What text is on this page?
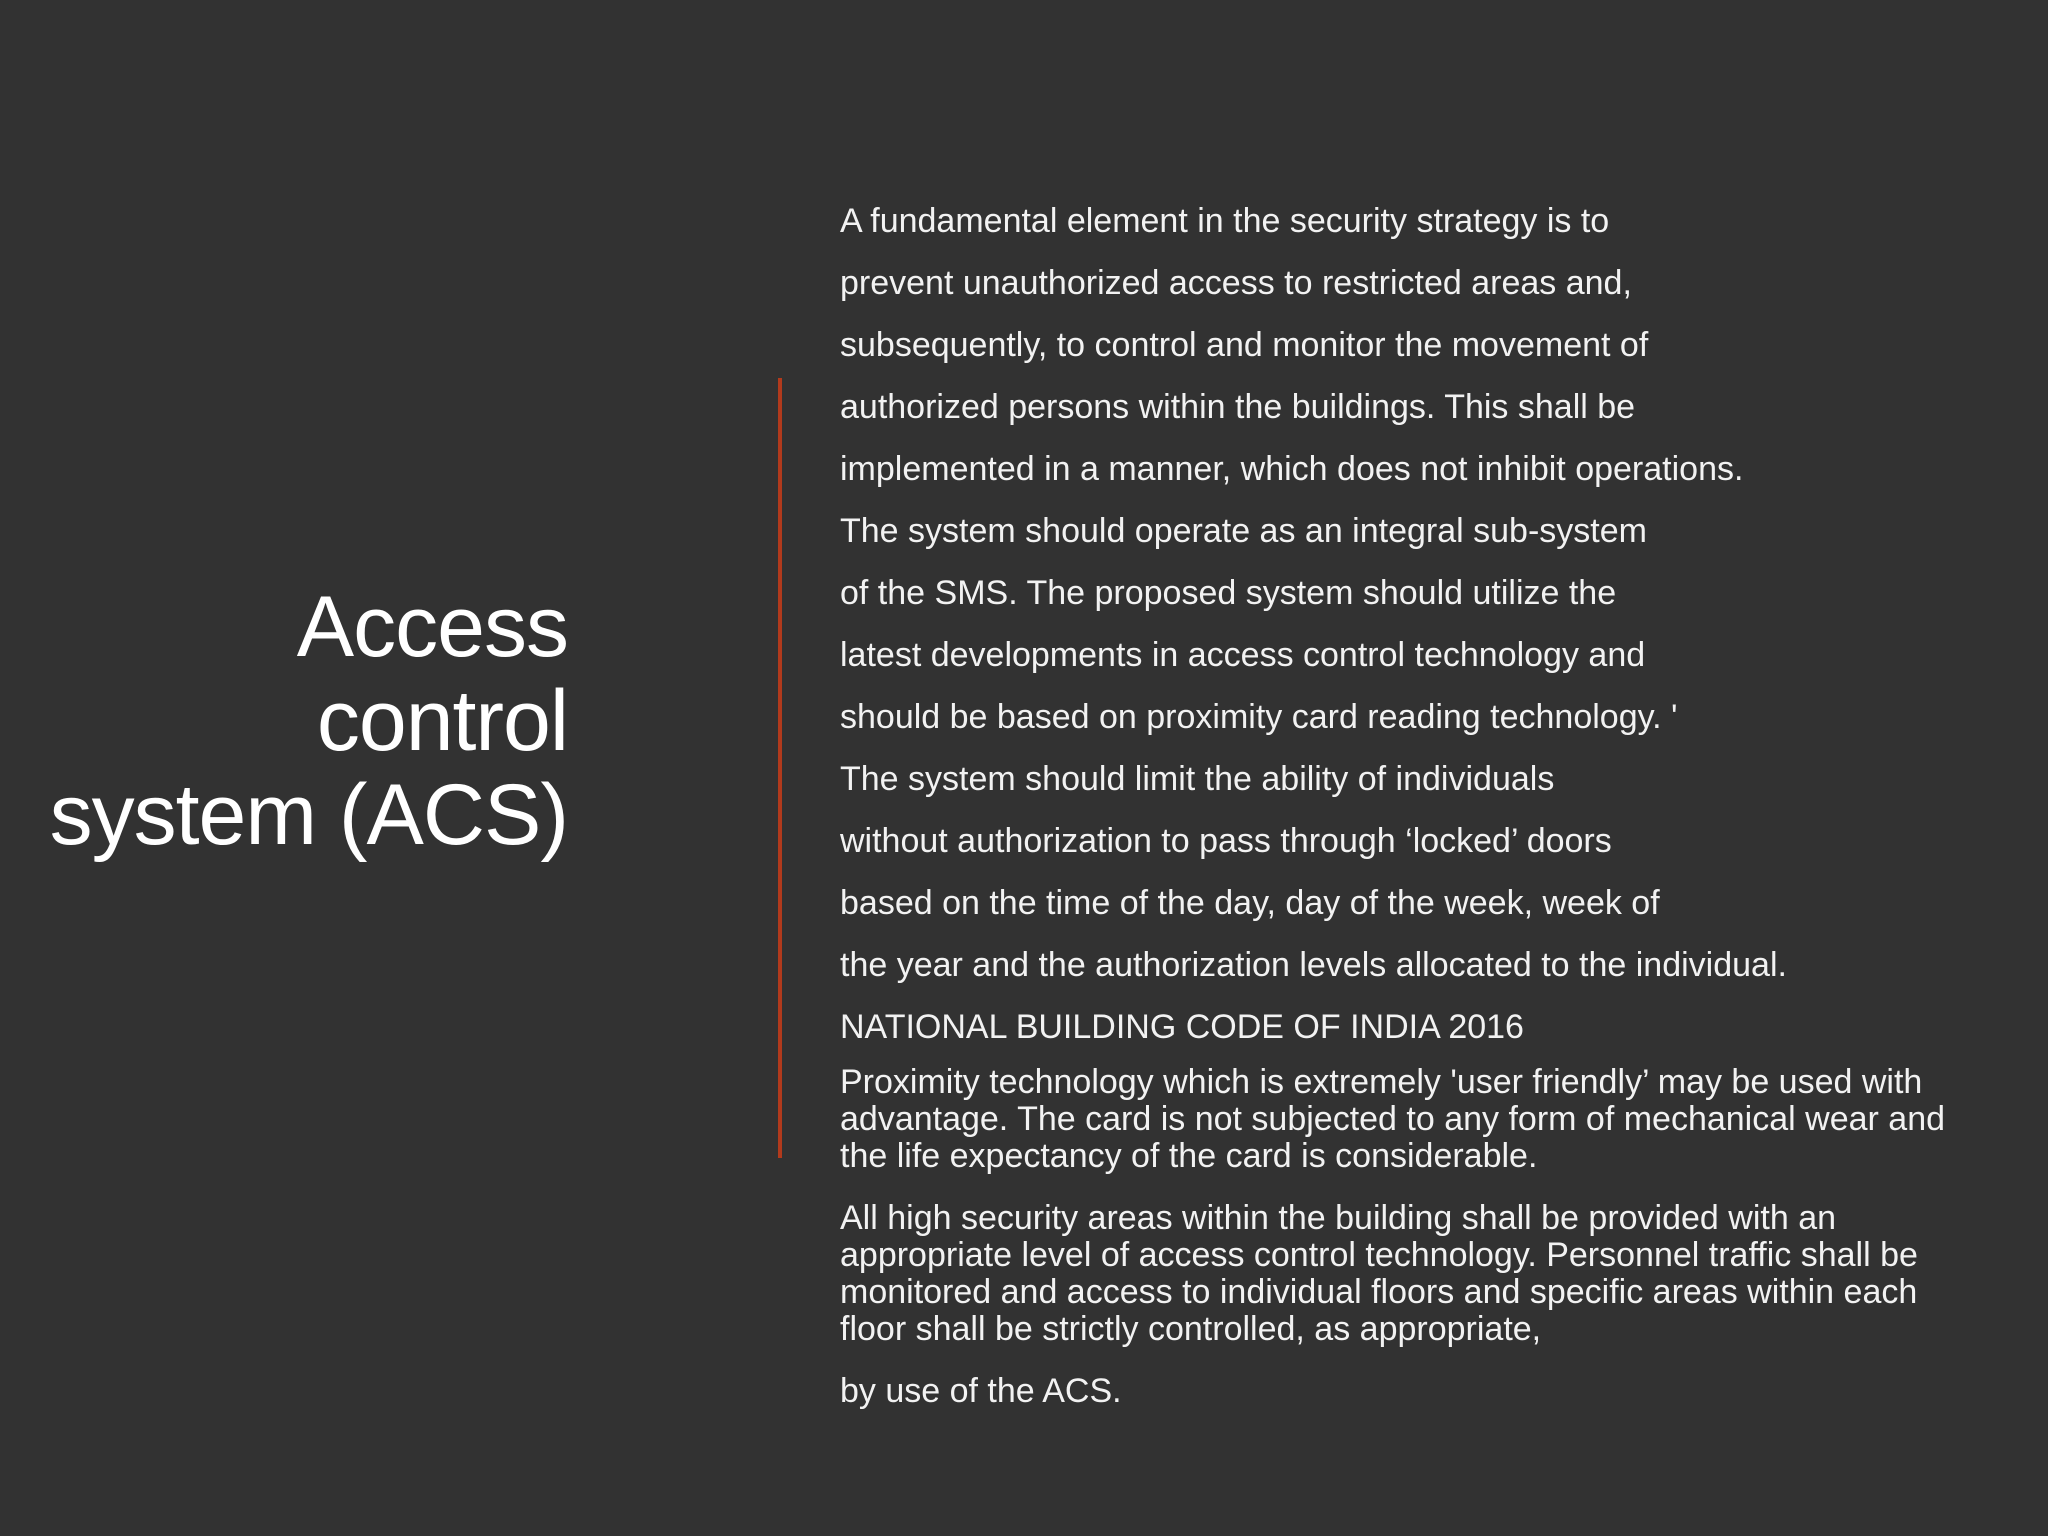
Access
control
system (ACS)
A fundamental element in the security strategy is to
prevent unauthorized access to restricted areas and,
subsequently, to control and monitor the movement of
authorized persons within the buildings. This shall be
implemented in a manner, which does not inhibit operations.
The system should operate as an integral sub-system
of the SMS. The proposed system should utilize the
latest developments in access control technology and
should be based on proximity card reading technology. '
The system should limit the ability of individuals
without authorization to pass through ‘locked’ doors
based on the time of the day, day of the week, week of
the year and the authorization levels allocated to the individual.
NATIONAL BUILDING CODE OF INDIA 2016
Proximity technology which is extremely 'user friendly’ may be used with
advantage. The card is not subjected to any form of mechanical wear and
the life expectancy of the card is considerable.
All high security areas within the building shall be provided with an
appropriate level of access control technology. Personnel traffic shall be
monitored and access to individual floors and specific areas within each
floor shall be strictly controlled, as appropriate,
by use of the ACS.
